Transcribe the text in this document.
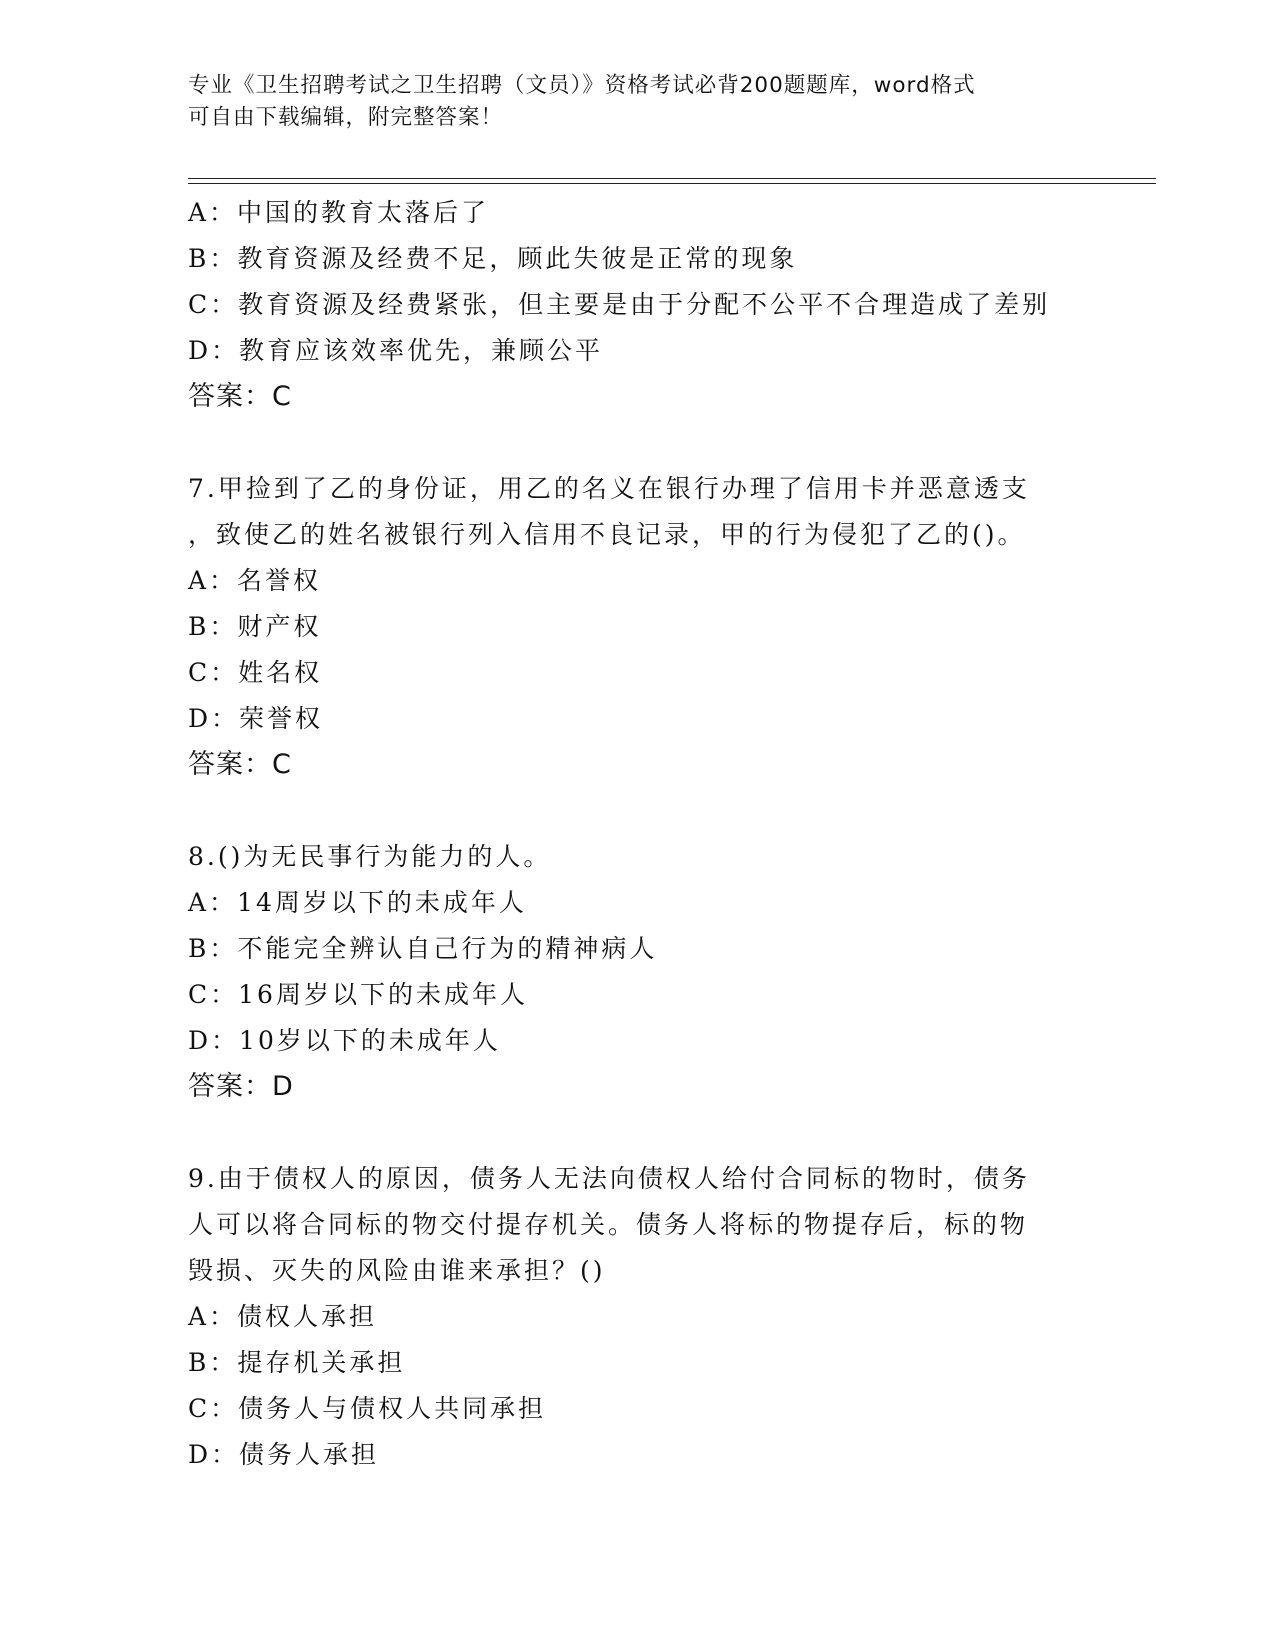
专业《卫生招聘考试之卫生招聘（文员）》资格考试必背200题题库，word格式
可自由下载编辑，附完整答案！
A：中国的教育太落后了
B：教育资源及经费不足，顾此失彼是正常的现象
C：教育资源及经费紧张，但主要是由于分配不公平不合理造成了差别
D：教育应该效率优先，兼顾公平
答案：C
7.甲捡到了乙的身份证，用乙的名义在银行办理了信用卡并恶意透支
，致使乙的姓名被银行列入信用不良记录，甲的行为侵犯了乙的()。
A：名誉权
B：财产权
C：姓名权
D：荣誉权
答案：C
8.()为无民事行为能力的人。
A：14周岁以下的未成年人
B：不能完全辨认自己行为的精神病人
C：16周岁以下的未成年人
D：10岁以下的未成年人
答案：D
9.由于债权人的原因，债务人无法向债权人给付合同标的物时，债务
人可以将合同标的物交付提存机关。债务人将标的物提存后，标的物
毁损、灭失的风险由谁来承担？()
A：债权人承担
B：提存机关承担
C：债务人与债权人共同承担
D：债务人承担
